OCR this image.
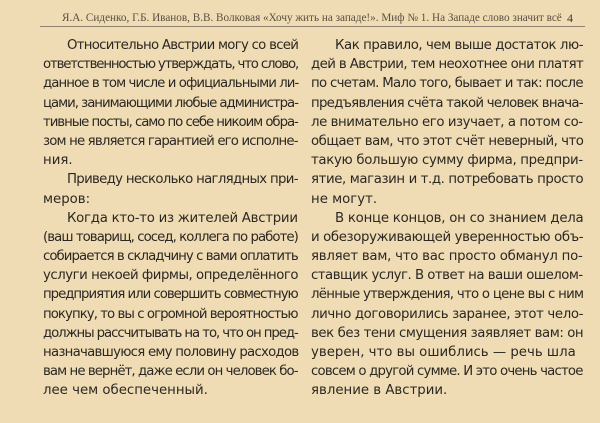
Я.А. Сиденко, Г.Б. Иванов, В.В. Волковая «Хочу жить на западе!». Миф № 1. На Западе слово значит всё 4
Относительно Австрии могу со всей
ответственностью утверждать, что слово,
данное в том числе и официальными ли-
цами, занимающими любые администра-
тивные посты, само по себе никоим обра-
зом не является гарантией его исполне-
ния.
Приведу несколько наглядных при-
меров:
Когда кто-то из жителей Австрии
(ваш товарищ, сосед, коллега по работе)
собирается в складчину с вами оплатить
услуги некоей фирмы, определённого
предприятия или совершить совместную
покупку, то вы с огромной вероятностью
должны рассчитывать на то, что он пред-
назначавшуюся ему половину расходов
вам не вернёт, даже если он человек бо-
лее чем обеспеченный.
Как правило, чем выше достаток лю-
дей в Австрии, тем неохотнее они платят
по счетам. Мало того, бывает и так: после
предъявления счёта такой человек внача-
ле внимательно его изучает, а потом со-
общает вам, что этот счёт неверный, что
такую большую сумму фирма, предпри-
ятие, магазин и т.д. потребовать просто
не могут.
В конце концов, он со знанием дела
и обезоруживающей уверенностью объ-
являет вам, что вас просто обманул по-
ставщик услуг. В ответ на ваши ошелом-
лённые утверждения, что о цене вы с ним
лично договорились заранее, этот чело-
век без тени смущения заявляет вам: он
уверен, что вы ошиблись — речь шла
совсем о другой сумме. И это очень частое
явление в Австрии.
